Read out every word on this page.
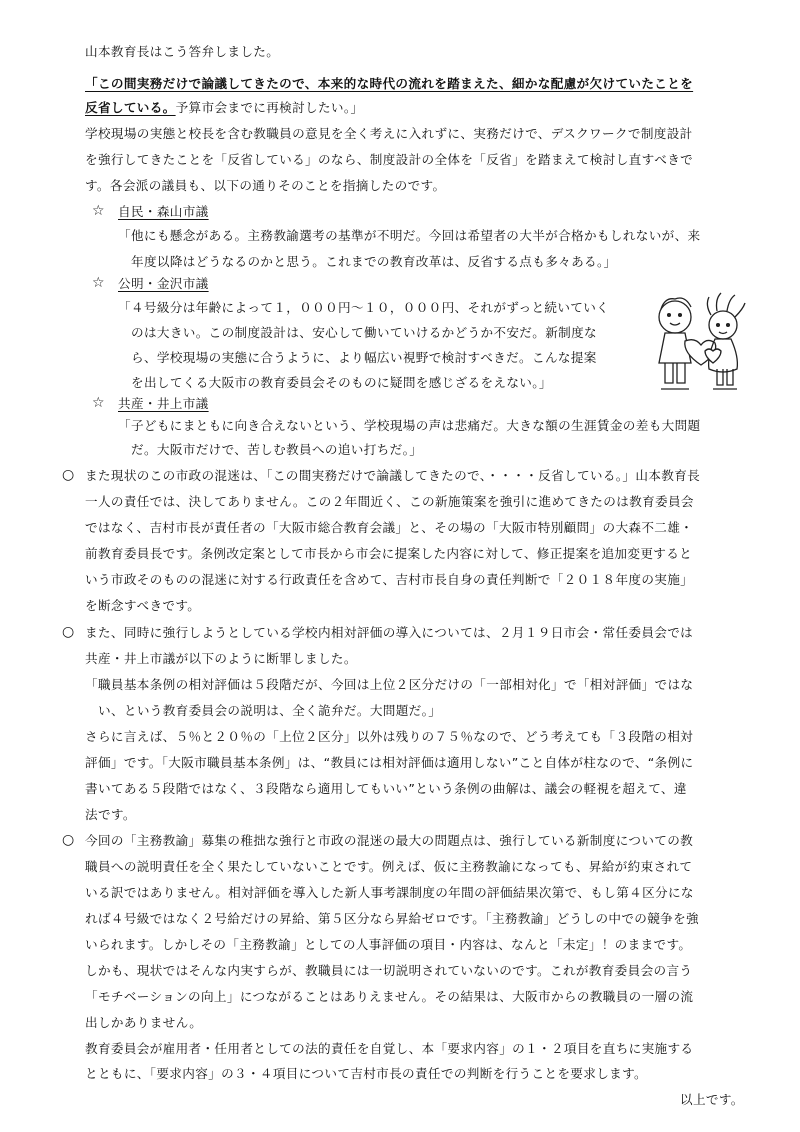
山本教育長はこう答弁しました。
「この間実務だけで論議してきたので、本来的な時代の流れを踏まえた、細かな配慮が欠けていたことを
反省している。予算市会までに再検討したい。」
学校現場の実態と校長を含む教職員の意見を全く考えに入れずに、実務だけで、デスクワークで制度設計
を強行してきたことを「反省している」のなら、制度設計の全体を「反省」を踏まえて検討し直すべきで
す。各会派の議員も、以下の通りそのことを指摘したのです。
☆ 自民・森山市議
「他にも懸念がある。主務教諭選考の基準が不明だ。今回は希望者の大半が合格かもしれないが、来
年度以降はどうなるのかと思う。これまでの教育改革は、反省する点も多々ある。」
☆ 公明・金沢市議
「４号級分は年齢によって１，０００円～１０，０００円、それがずっと続いていく
のは大きい。この制度設計は、安心して働いていけるかどうか不安だ。新制度な
ら、学校現場の実態に合うように、より幅広い視野で検討すべきだ。こんな提案
を出してくる大阪市の教育委員会そのものに疑問を感じざるをえない。」
☆ 共産・井上市議
「子どもにまともに向き合えないという、学校現場の声は悲痛だ。大きな額の生涯賃金の差も大問題
だ。大阪市だけで、苦しむ教員への追い打ちだ。」
○ また現状のこの市政の混迷は、「この間実務だけで論議してきたので、・・・・反省している。」山本教育長
一人の責任では、決してありません。この２年間近く、この新施策案を強引に進めてきたのは教育委員会
ではなく、吉村市長が責任者の「大阪市総合教育会議」と、その場の「大阪市特別顧問」の大森不二雄・
前教育委員長です。条例改定案として市長から市会に提案した内容に対して、修正提案を追加変更すると
いう市政そのものの混迷に対する行政責任を含めて、吉村市長自身の責任判断で「２０１８年度の実施」
を断念すべきです。
○ また、同時に強行しようとしている学校内相対評価の導入については、２月１９日市会・常任委員会では
共産・井上市議が以下のように断罪しました。
「職員基本条例の相対評価は５段階だが、今回は上位２区分だけの「一部相対化」で「相対評価」ではな
い、という教育委員会の説明は、全く詭弁だ。大問題だ。」
さらに言えば、５％と２０％の「上位２区分」以外は残りの７５％なので、どう考えても「３段階の相対
評価」です。「大阪市職員基本条例」は、“教員には相対評価は適用しない”こと自体が柱なので、“条例に
書いてある５段階ではなく、３段階なら適用してもいい”という条例の曲解は、議会の軽視を超えて、違
法です。
○ 今回の「主務教諭」募集の稚拙な強行と市政の混迷の最大の問題点は、強行している新制度についての教
職員への説明責任を全く果たしていないことです。例えば、仮に主務教諭になっても、昇給が約束されて
いる訳ではありません。相対評価を導入した新人事考課制度の年間の評価結果次第で、もし第４区分にな
れば４号級ではなく２号給だけの昇給、第５区分なら昇給ゼロです。「主務教諭」どうしの中での競争を強
いられます。しかしその「主務教諭」としての人事評価の項目・内容は、なんと「未定」！のままです。
しかも、現状ではそんな内実すらが、教職員には一切説明されていないのです。これが教育委員会の言う
「モチベーションの向上」につながることはありえません。その結果は、大阪市からの教職員の一層の流
出しかありません。
教育委員会が雇用者・任用者としての法的責任を自覚し、本「要求内容」の１・２項目を直ちに実施する
とともに、「要求内容」の３・４項目について吉村市長の責任での判断を行うことを要求します。
以上です。
